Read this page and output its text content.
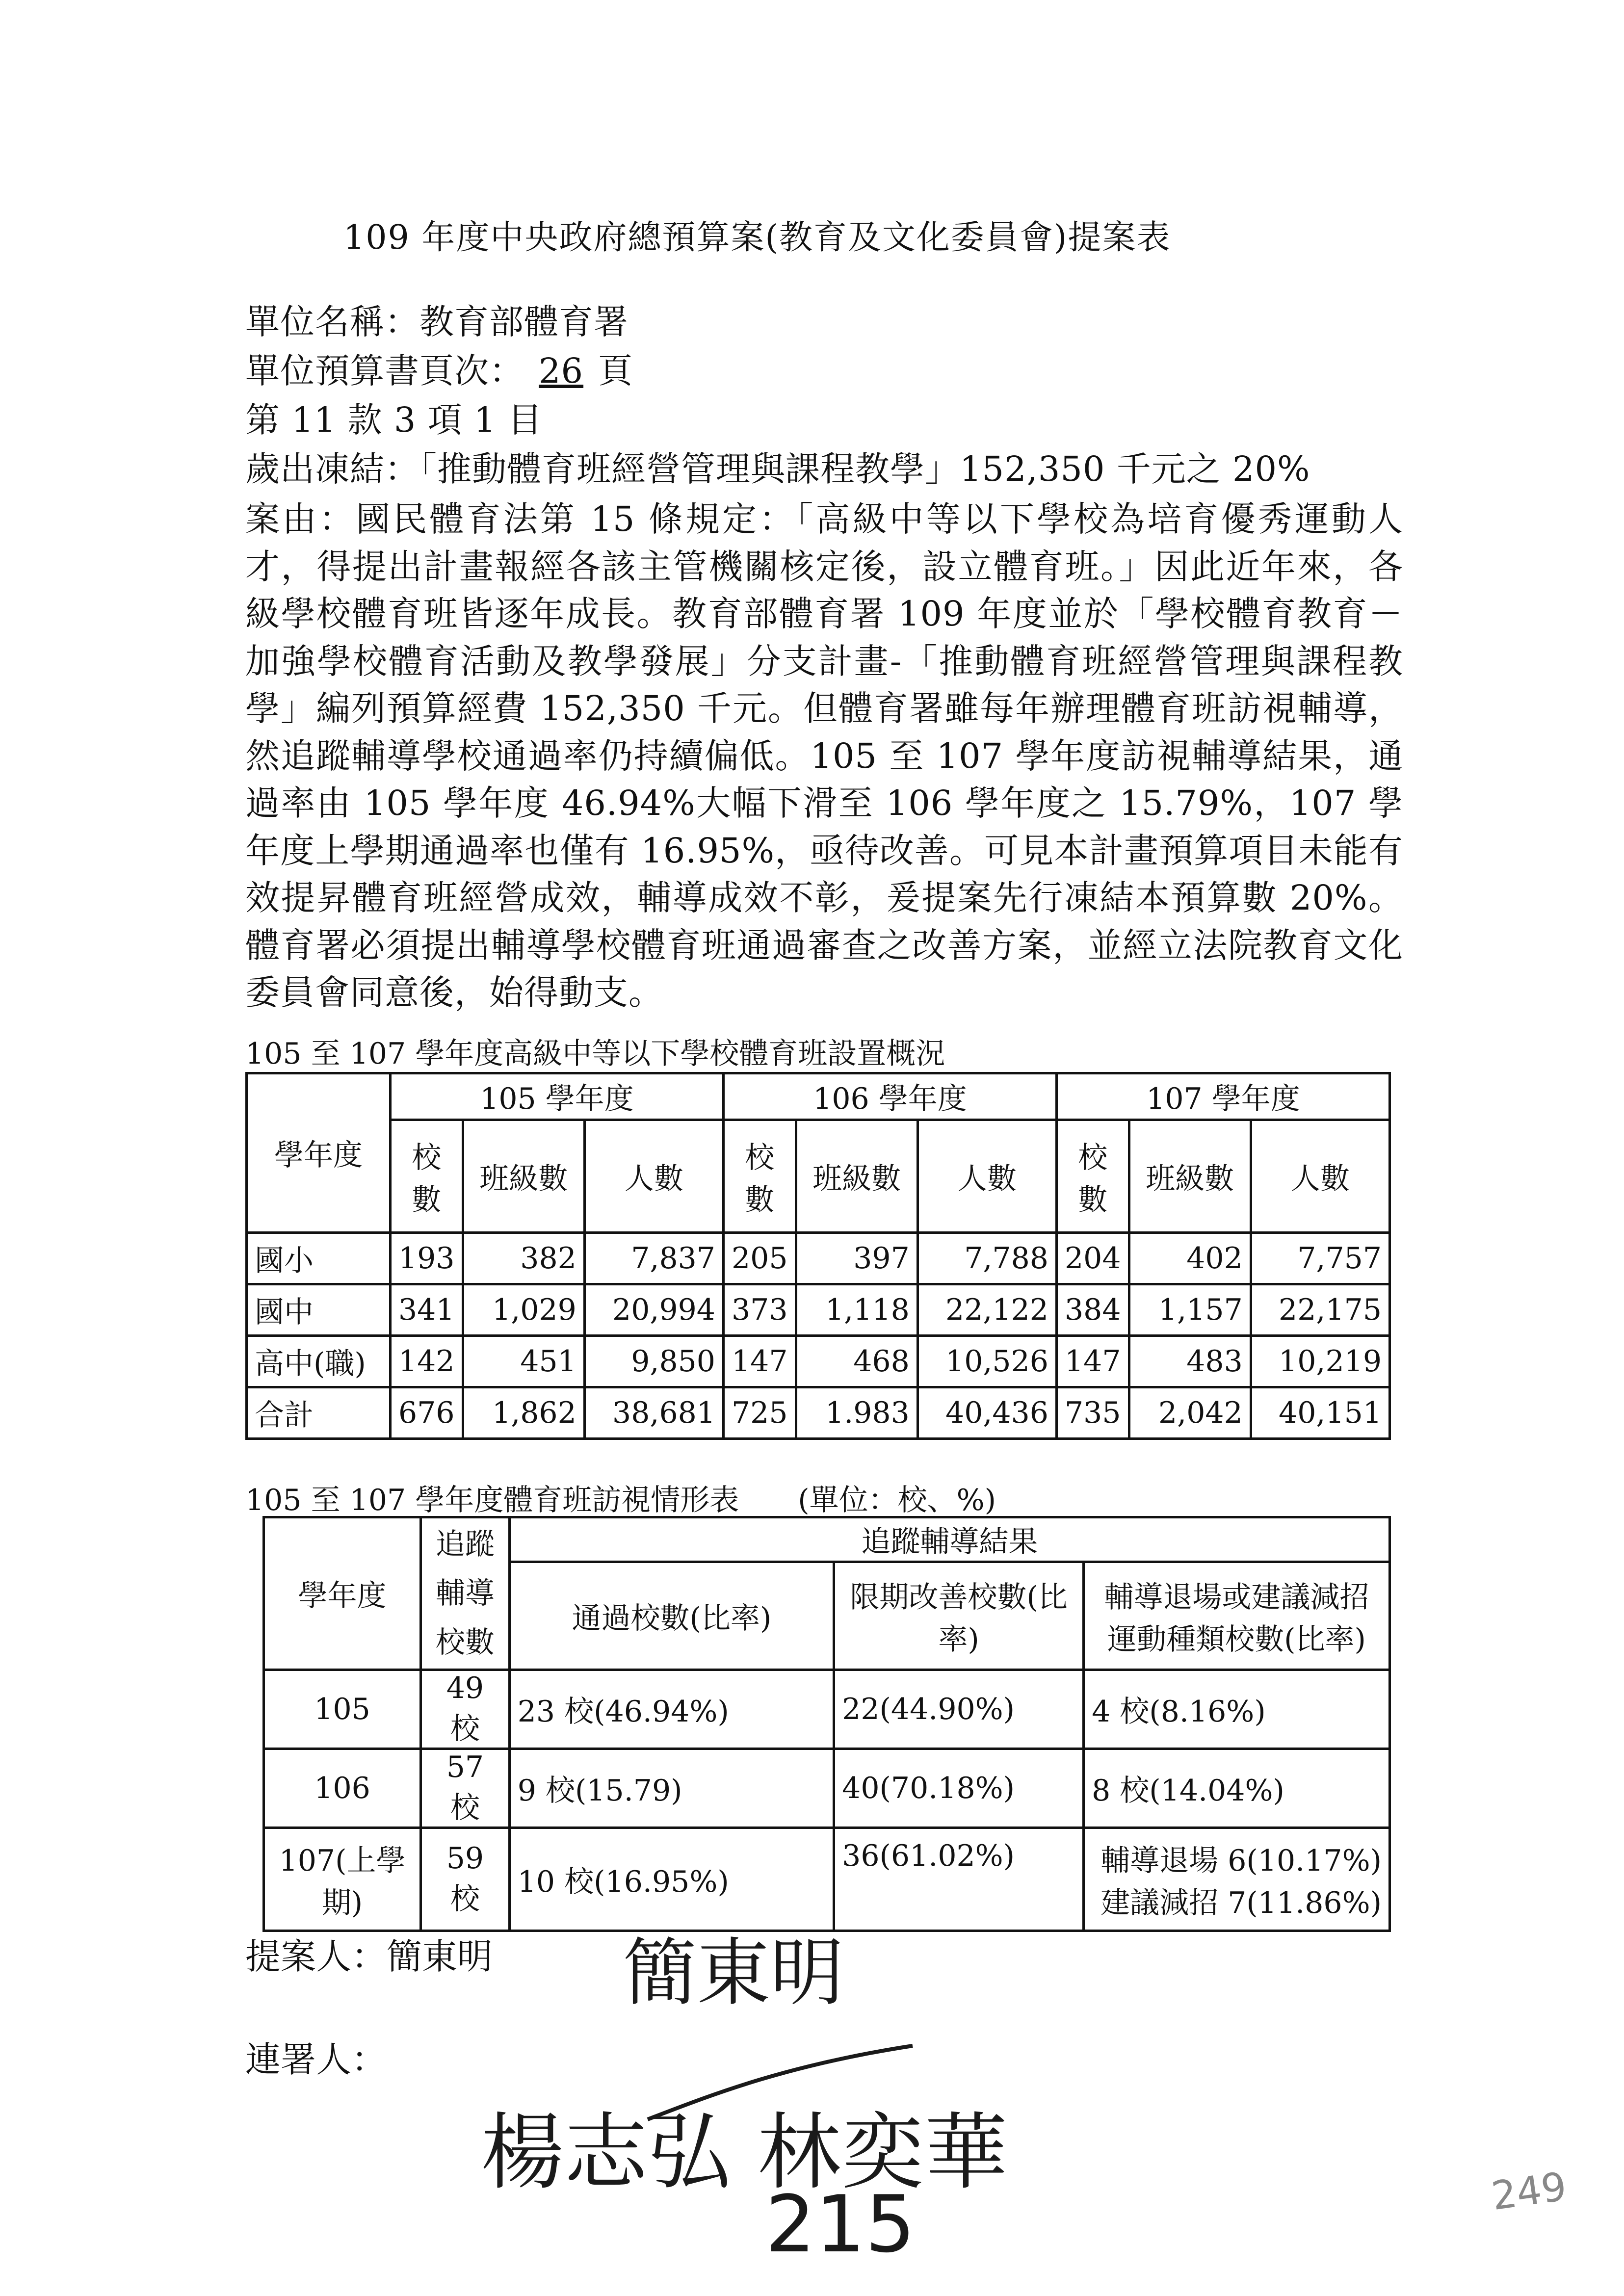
109 年度中央政府總預算案(教育及文化委員會)提案表
單位名稱：教育部體育署
單位預算書頁次： 26 頁
第 11 款 3 項 1 目
歲出凍結：「推動體育班經營管理與課程教學」152,350 千元之 20%
案由：國民體育法第 15 條規定：「高級中等以下學校為培育優秀運動人才，得提出計畫報經各該主管機關核定後，設立體育班。」因此近年來，各級學校體育班皆逐年成長。教育部體育署 109 年度並於「學校體育教育－加強學校體育活動及教學發展」分支計畫-「推動體育班經營管理與課程教學」編列預算經費 152,350 千元。但體育署雖每年辦理體育班訪視輔導，然追蹤輔導學校通過率仍持續偏低。105 至 107 學年度訪視輔導結果，通過率由 105 學年度 46.94%大幅下滑至 106 學年度之 15.79%，107 學年度上學期通過率也僅有 16.95%，亟待改善。可見本計畫預算項目未能有效提昇體育班經營成效，輔導成效不彰，爰提案先行凍結本預算數 20%。體育署必須提出輔導學校體育班通過審查之改善方案，並經立法院教育文化委員會同意後，始得動支。
105 至 107 學年度高級中等以下學校體育班設置概況
學年度	105 學年度			106 學年度			107 學年度		
	校數	班級數	人數	校數	班級數	人數	校數	班級數	人數
國小	193	382	7,837	205	397	7,788	204	402	7,757
國中	341	1,029	20,994	373	1,118	22,122	384	1,157	22,175
高中(職)	142	451	9,850	147	468	10,526	147	483	10,219
合計	676	1,862	38,681	725	1.983	40,436	735	2,042	40,151
105 至 107 學年度體育班訪視情形表 (單位：校、%)
學年度	追蹤輔導校數	追蹤輔導結果		
		通過校數(比率)	限期改善校數(比率)	輔導退場或建議減招運動種類校數(比率)
105	49 校	23 校(46.94%)	22(44.90%)	4 校(8.16%)
106	57 校	9 校(15.79)	40(70.18%)	8 校(14.04%)
107(上學期)	59 校	10 校(16.95%)	36(61.02%)	輔導退場 6(10.17%) 建議減招 7(11.86%)
提案人：簡東明 簡東明
連署人：
楊志弘 林奕華
215	249
